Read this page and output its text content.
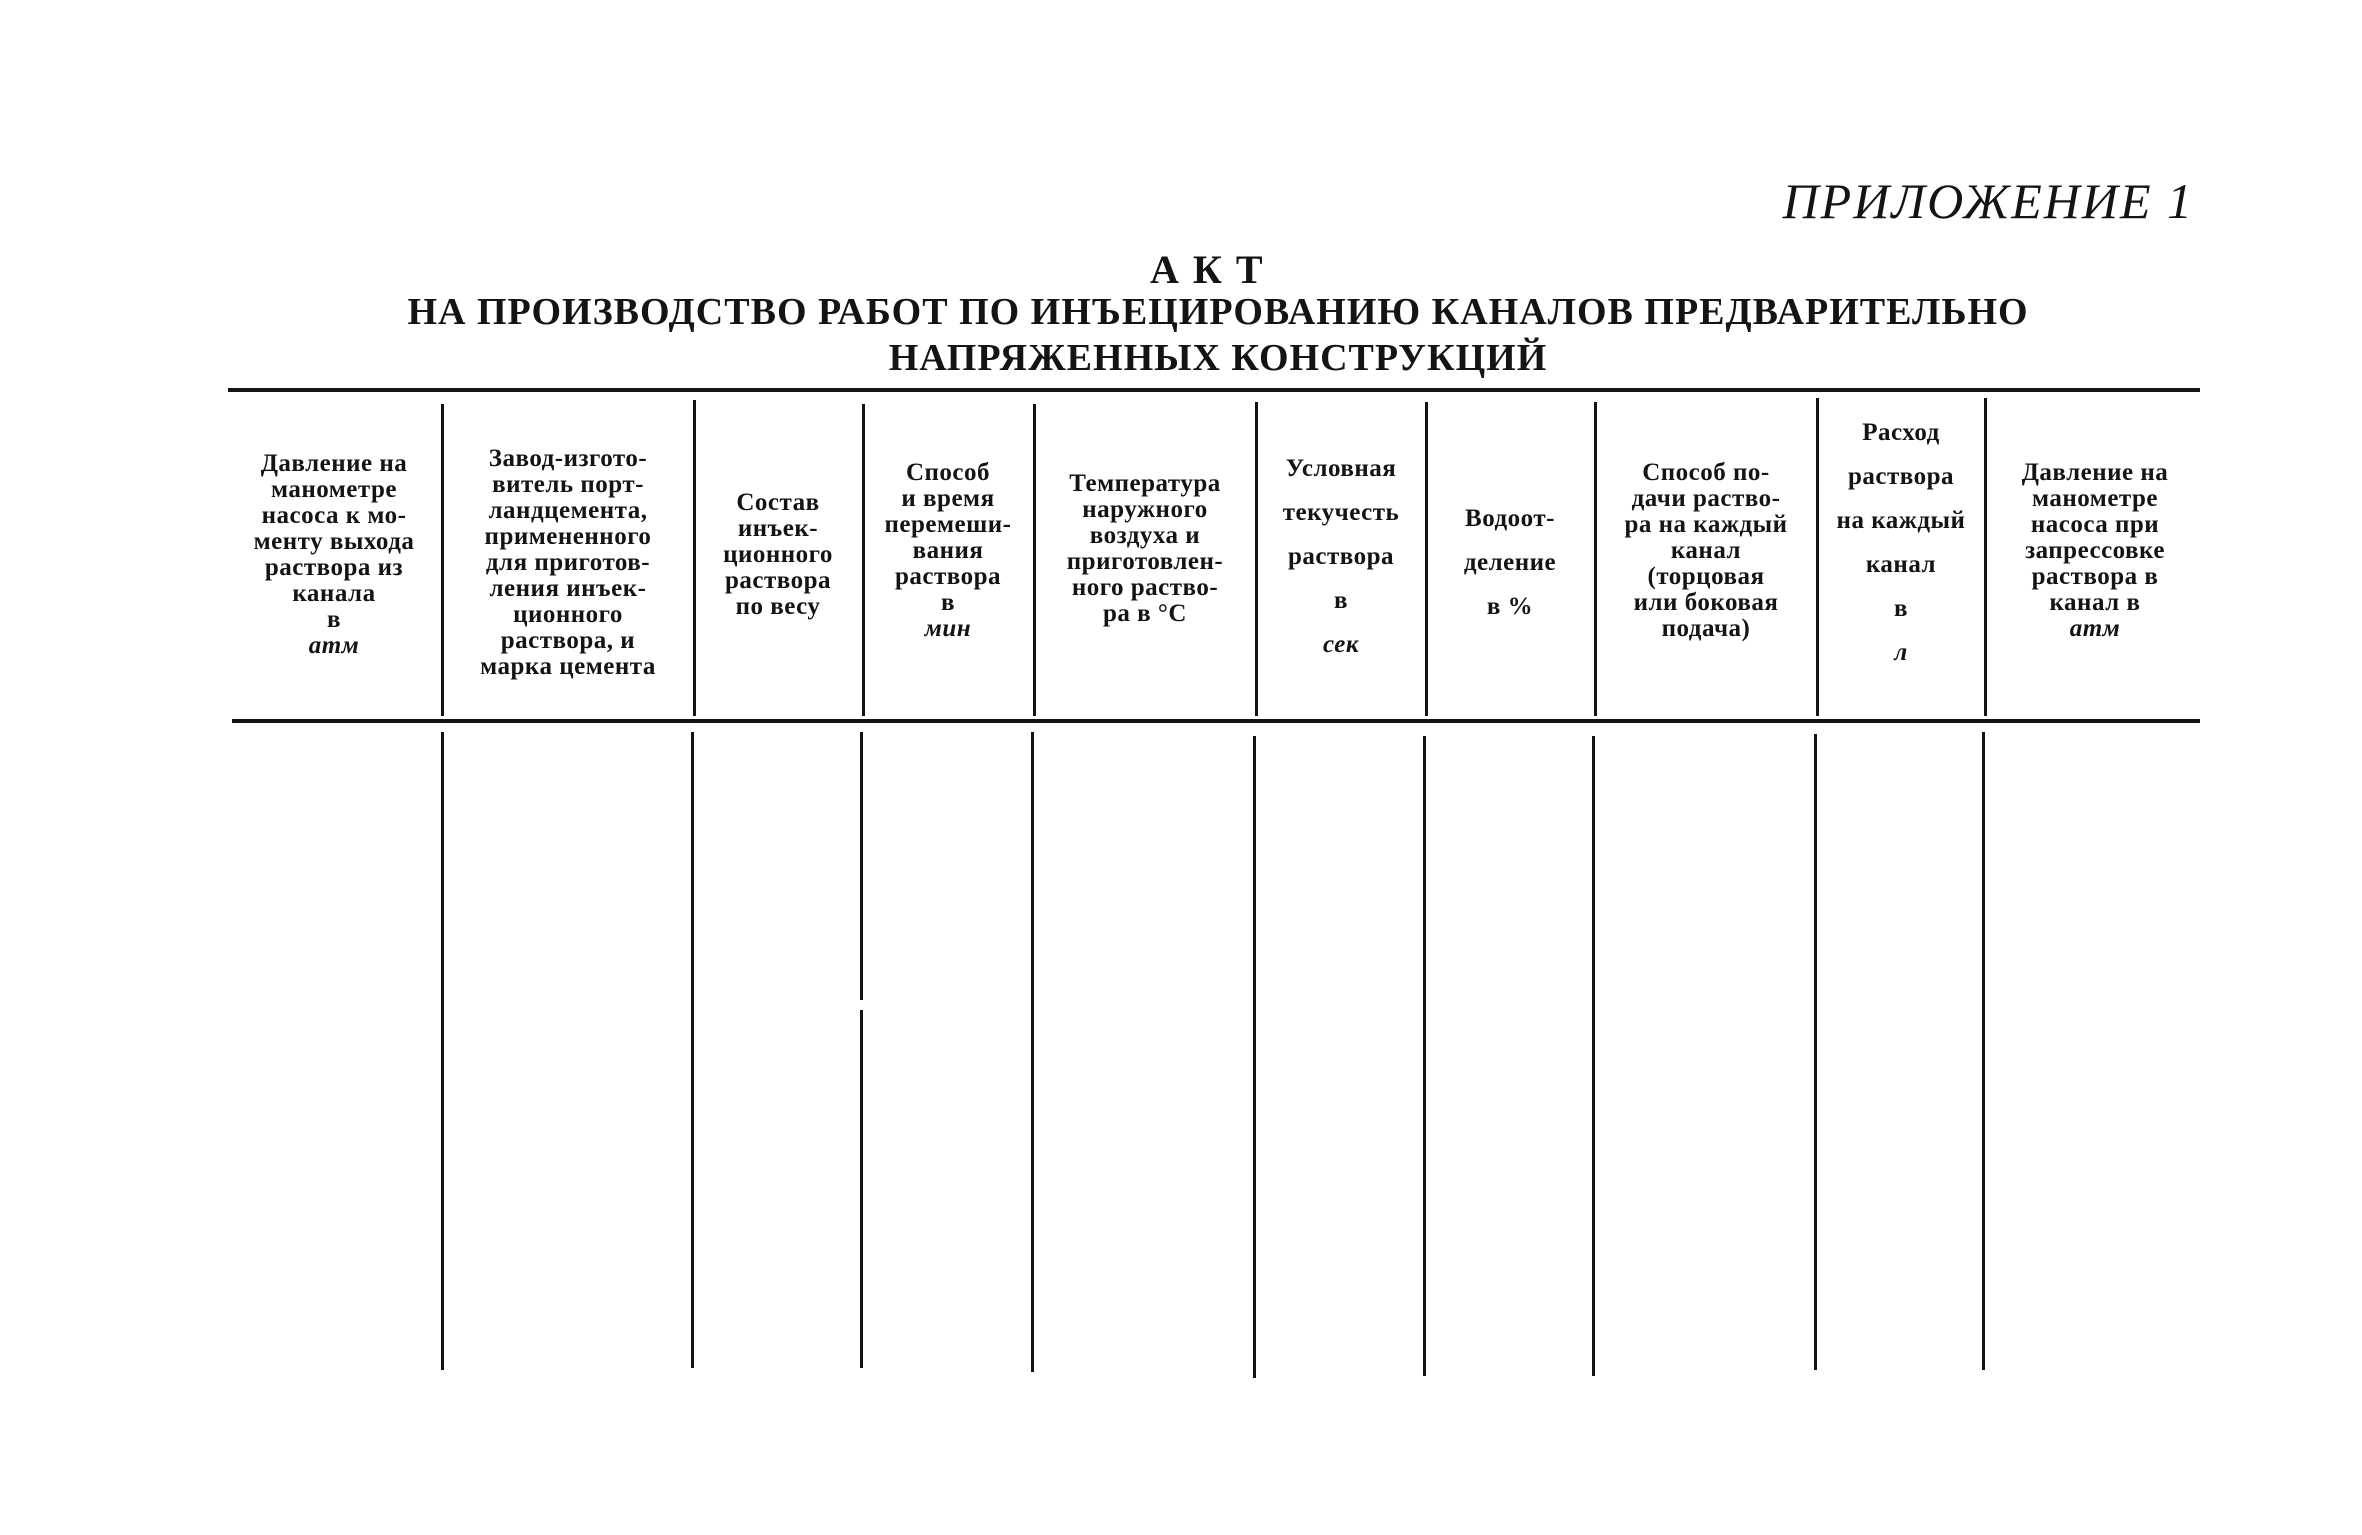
ПРИЛОЖЕНИЕ 1
АКТ
НА ПРОИЗВОДСТВО РАБОТ ПО ИНЪЕЦИРОВАНИЮ КАНАЛОВ ПРЕДВАРИТЕЛЬНО
НАПРЯЖЕННЫХ КОНСТРУКЦИЙ
Давление на
манометре
насоса к мо-
менту выхода
раствора из
канала
в
атм
Завод-изгото-
витель порт-
ландцемента,
примененного
для приготов-
ления инъек-
ционного
раствора, и
марка цемента
Состав
инъек-
ционного
раствора
по весу
Способ
и время
перемеши-
вания
раствора
в
мин
Температура
наружного
воздуха и
приготовлен-
ного раство-
ра в °С
Условная
текучесть
раствора
в
сек
Водоот-
деление
в %
Способ по-
дачи раство-
ра на каждый
канал
(торцовая
или боковая
подача)
Расход
раствора
на каждый
канал
в
л
Давление на
манометре
насоса при
запрессовке
раствора в
канал в
атм
